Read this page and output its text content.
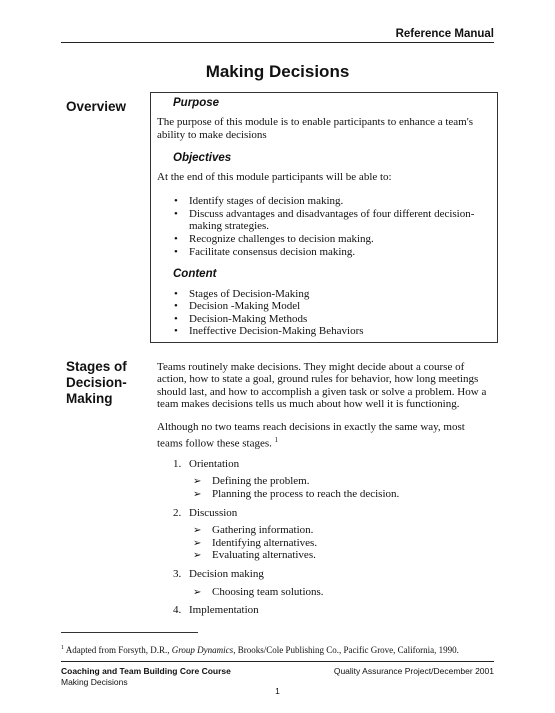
Reference Manual
Making Decisions
Overview	Purpose
The purpose of this module is to enable participants to enhance a team's
ability to make decisions
Objectives
At the end of this module participants will be able to:
• Identify stages of decision making.
• Discuss advantages and disadvantages of four different decision-
making strategies.
• Recognize challenges to decision making.
• Facilitate consensus decision making.
Content
• Stages of Decision-Making
• Decision -Making Model
• Decision-Making Methods
• Ineffective Decision-Making Behaviors
Stages of
Decision-
Making
Teams routinely make decisions. They might decide about a course of
action, how to state a goal, ground rules for behavior, how long meetings
should last, and how to accomplish a given task or solve a problem. How a
team makes decisions tells us much about how well it is functioning.
Although no two teams reach decisions in exactly the same way, most
teams follow these stages. $^1$
1. Orientation
➢ Defining the problem.
➢ Planning the process to reach the decision.
2. Discussion
➢ Gathering information.
➢ Identifying alternatives.
➢ Evaluating alternatives.
3. Decision making
➢ Choosing team solutions.
4. Implementation
$^1$ Adapted from Forsyth, D.R., Group Dynamics, Brooks/Cole Publishing Co., Pacific Grove, California, 1990.
Coaching and Team Building Core Course
Making Decisions
Quality Assurance Project/December 2001
1
